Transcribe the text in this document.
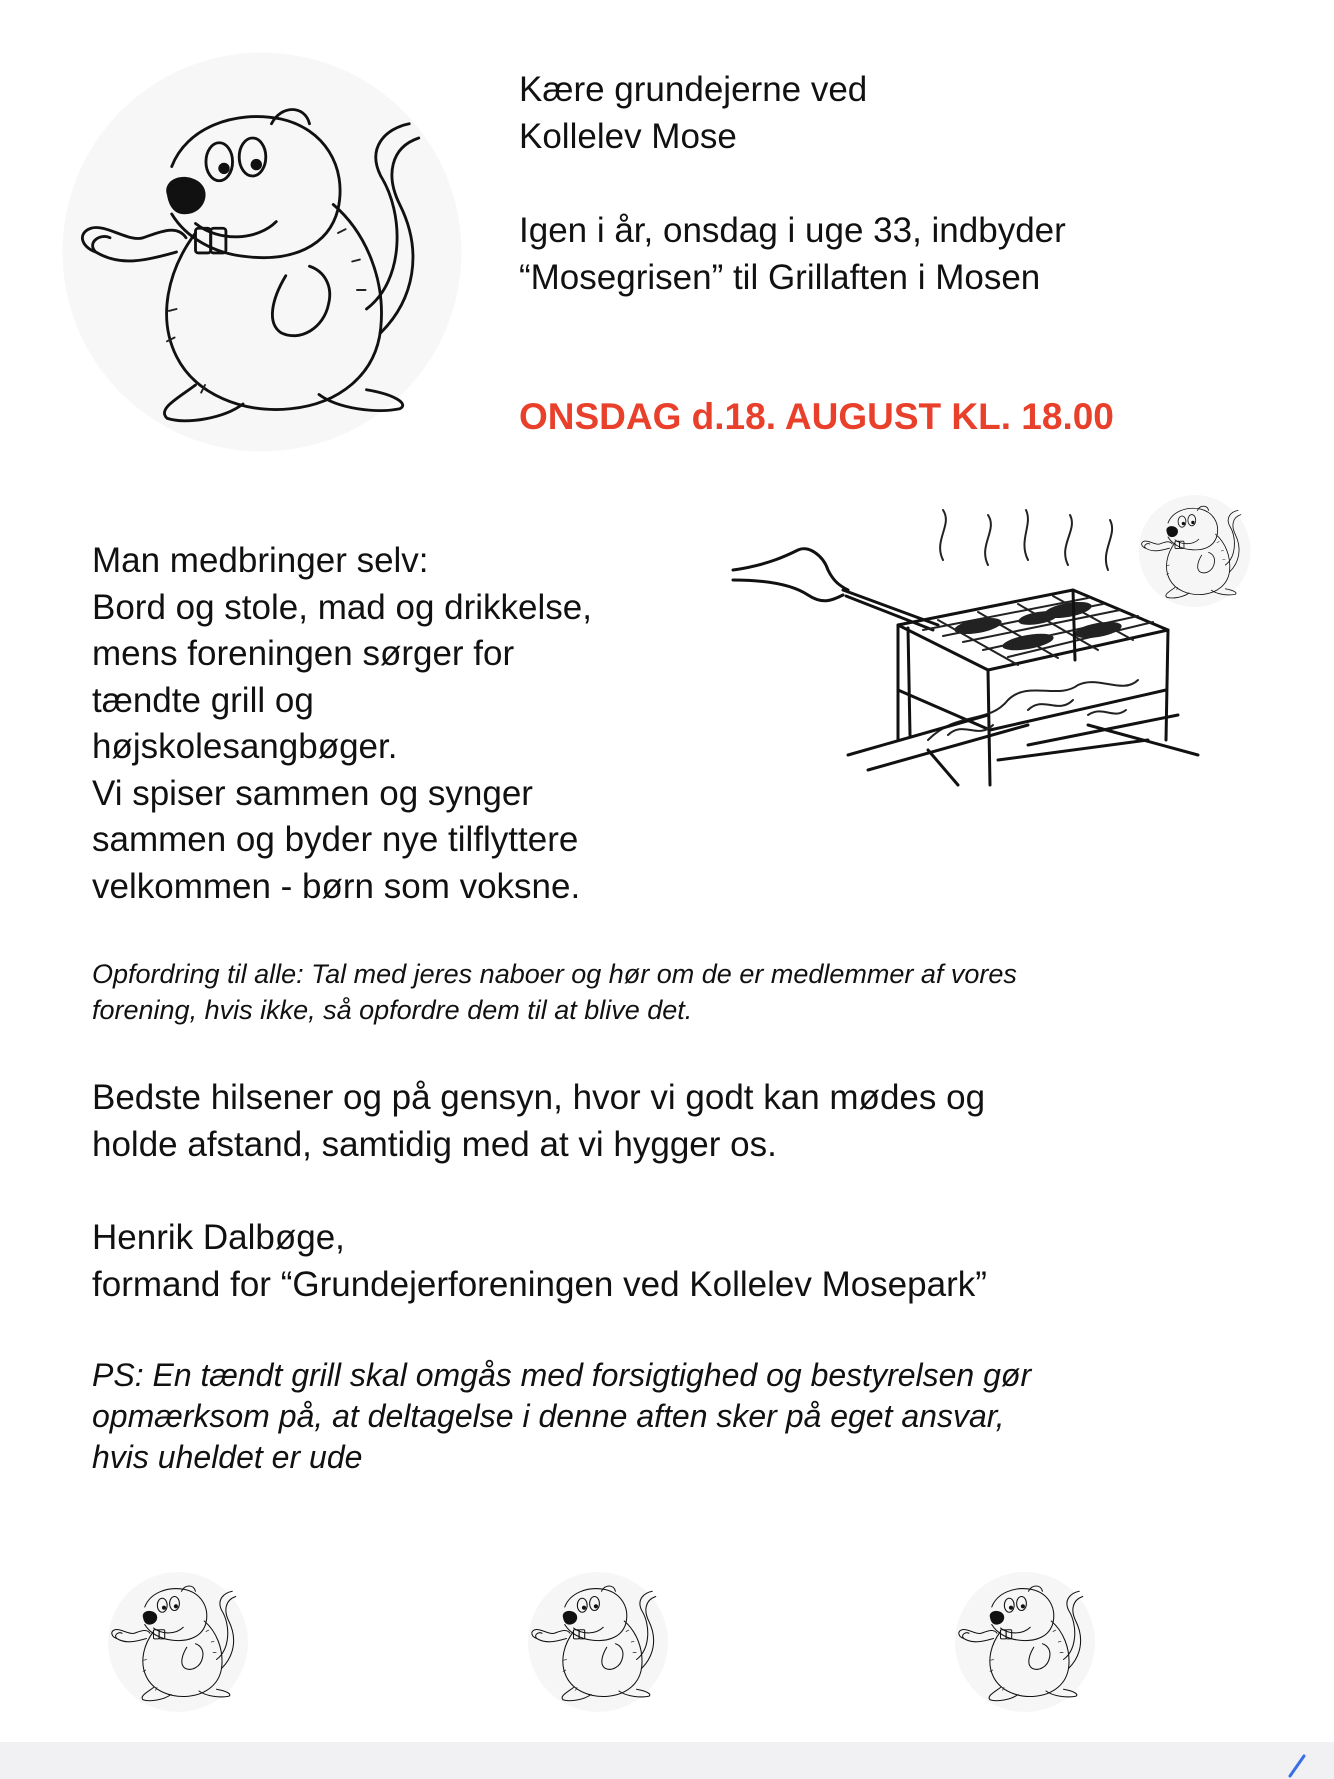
Kære grundejerne ved

Kollelev Mose

Igen i år, onsdag i uge 33, indbyder

“Mosegrisen” til Grillaften i Mosen

ONSDAG d.18. AUGUST KL. 18.00

Man medbringer selv:

Bord og stole, mad og drikkelse,

mens foreningen sørger for

tændte grill og

højskolesangbøger.

Vi spiser sammen og synger

sammen og byder nye tilflyttere

velkommen - børn som voksne.

Opfordring til alle: Tal med jeres naboer og hør om de er medlemmer af vores

forening, hvis ikke, så opfordre dem til at blive det.

Bedste hilsener og på gensyn, hvor vi godt kan mødes og

holde afstand, samtidig med at vi hygger os.

Henrik Dalbøge,

formand for “Grundejerforeningen ved Kollelev Mosepark”

PS: En tændt grill skal omgås med forsigtighed og bestyrelsen gør

opmærksom på, at deltagelse i denne aften sker på eget ansvar,

hvis uheldet er ude
